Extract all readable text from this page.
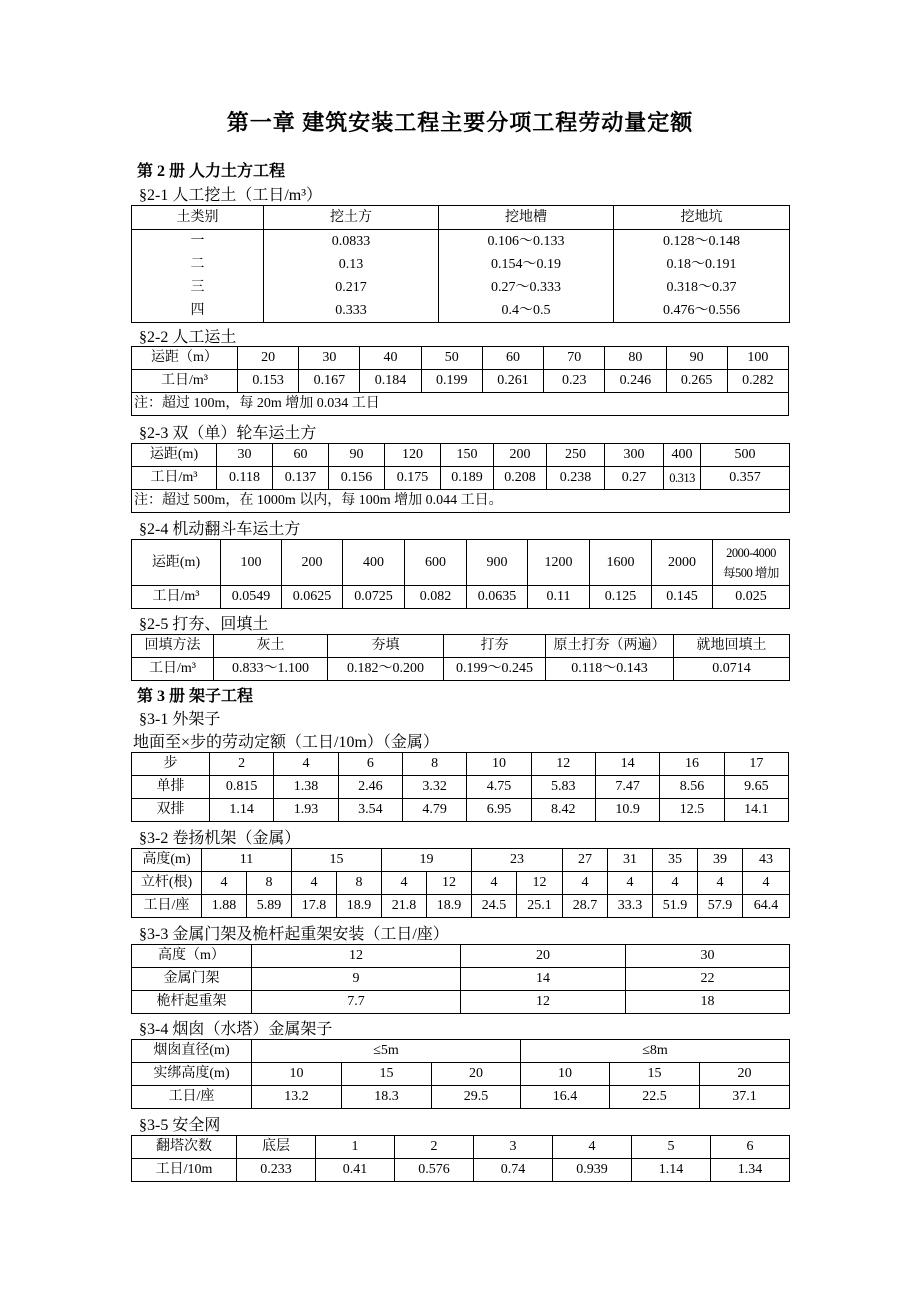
第一章 建筑安装工程主要分项工程劳动量定额

第 2 册 人力土方工程

§2-1 人工挖土（工日/m³）

土类别	挖土方	挖地槽	挖地坑
一	0.0833	0.106～0.133	0.128～0.148
二	0.13	0.154～0.19	0.18～0.191
三	0.217	0.27～0.333	0.318～0.37
四	0.333	0.4～0.5	0.476～0.556

§2-2 人工运土

运距（m）	20	30	40	50	60	70	80	90	100
工日/m³	0.153	0.167	0.184	0.199	0.261	0.23	0.246	0.265	0.282
注：超过 100m，每 20m 增加 0.034 工日									

§2-3 双（单）轮车运土方

运距(m)	30	60	90	120	150	200	250	300	400	500
工日/m³	0.118	0.137	0.156	0.175	0.189	0.208	0.238	0.27	0.313	0.357
注：超过 500m，在 1000m 以内，每 100m 增加 0.044 工日。										

§2-4 机动翻斗车运土方

运距(m)	100	200	400	600	900	1200	1600	2000	2000-4000
每500 增加

工日/m³	0.0549	0.0625	0.0725	0.082	0.0635	0.11	0.125	0.145	0.025

§2-5 打夯、回填土

回填方法	灰土	夯填	打夯	原土打夯（两遍）	就地回填土
工日/m³	0.833～1.100	0.182～0.200	0.199～0.245	0.118～0.143	0.0714

第 3 册 架子工程

§3-1 外架子

地面至×步的劳动定额（工日/10m）（金属）

步	2	4	6	8	10	12	14	16	17
单排	0.815	1.38	2.46	3.32	4.75	5.83	7.47	8.56	9.65
双排	1.14	1.93	3.54	4.79	6.95	8.42	10.9	12.5	14.1

§3-2 卷扬机架（金属）

高度(m)	11		15		19		23		27	31	35	39	43
立杆(根)	4	8	4	8	4	12	4	12	4	4	4	4	4
工日/座	1.88	5.89	17.8	18.9	21.8	18.9	24.5	25.1	28.7	33.3	51.9	57.9	64.4

§3-3 金属门架及桅杆起重架安装（工日/座）

高度（m）	12	20	30
金属门架	9	14	22
桅杆起重架	7.7	12	18

§3-4 烟囱（水塔）金属架子

烟囱直径(m)	≤5m			≤8m		
实绑高度(m)	10	15	20	10	15	20
工日/座	13.2	18.3	29.5	16.4	22.5	37.1

§3-5 安全网

翻塔次数	底层	1	2	3	4	5	6
工日/10m	0.233	0.41	0.576	0.74	0.939	1.14	1.34
